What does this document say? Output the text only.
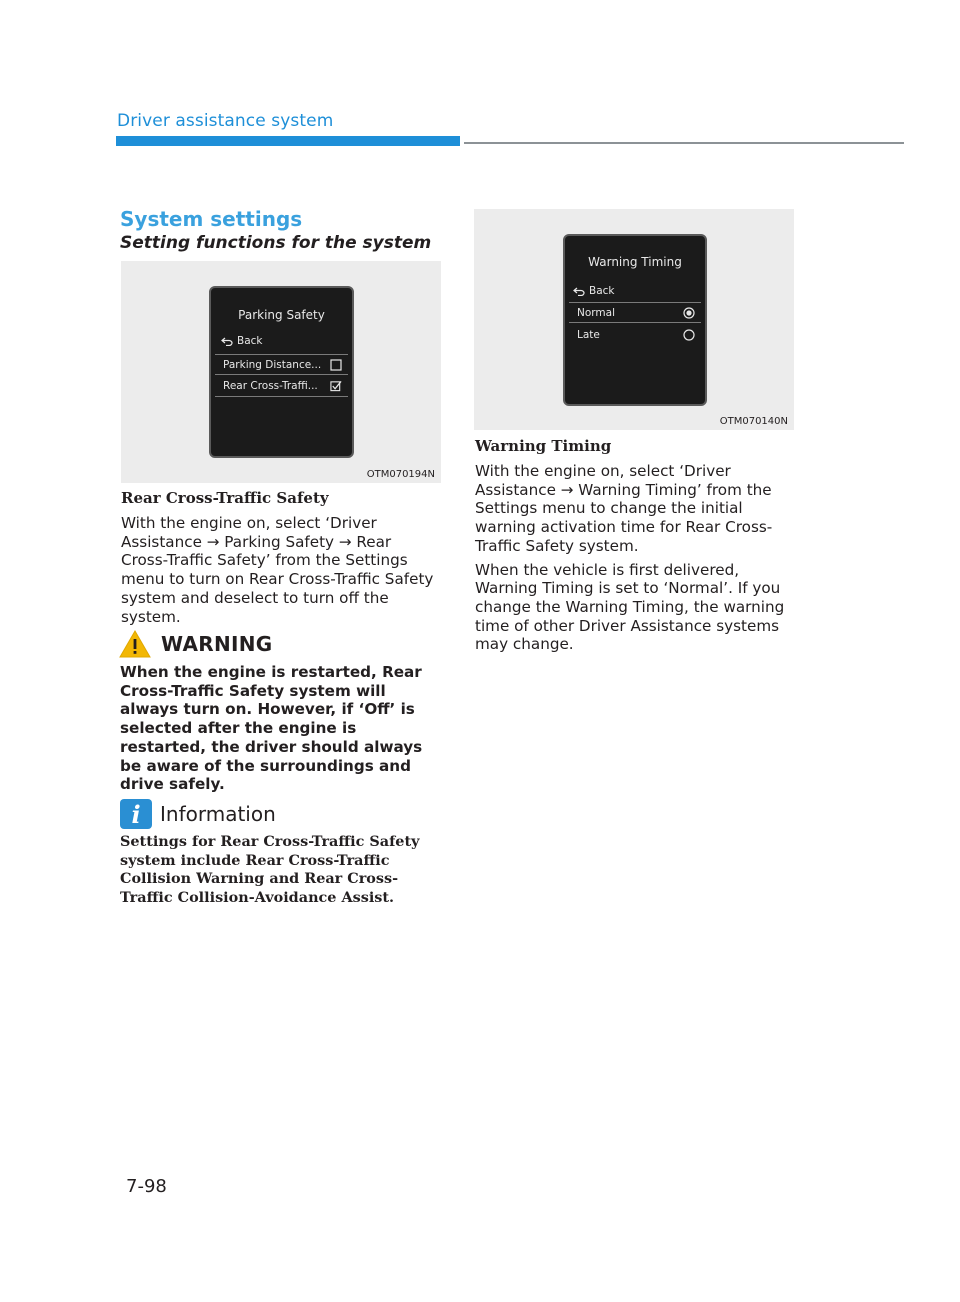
Driver assistance system
System settings
Setting functions for the system
Parking Safety
Back
Parking Distance...
Rear Cross-Traffi...
OTM070194N
Rear Cross-Traffic Safety

With the engine on, select ‘Driver Assistance → Parking Safety → Rear Cross-Traffic Safety’ from the Settings menu to turn on Rear Cross-Traffic Safety system and deselect to turn off the system.

WARNING
When the engine is restarted, Rear Cross-Traffic Safety system will always turn on. However, if ‘Off’ is selected after the engine is restarted, the driver should always be aware of the surroundings and drive safely.
i Information
Settings for Rear Cross-Traffic Safety system include Rear Cross-Traffic Collision Warning and Rear Cross-Traffic Collision-Avoidance Assist.
Warning Timing
Back
Normal
Late
OTM070140N
Warning Timing

With the engine on, select ‘Driver Assistance → Warning Timing’ from the Settings menu to change the initial warning activation time for Rear Cross-Traffic Safety system.

When the vehicle is first delivered, Warning Timing is set to ‘Normal’. If you change the Warning Timing, the warning time of other Driver Assistance systems may change.

7-98
